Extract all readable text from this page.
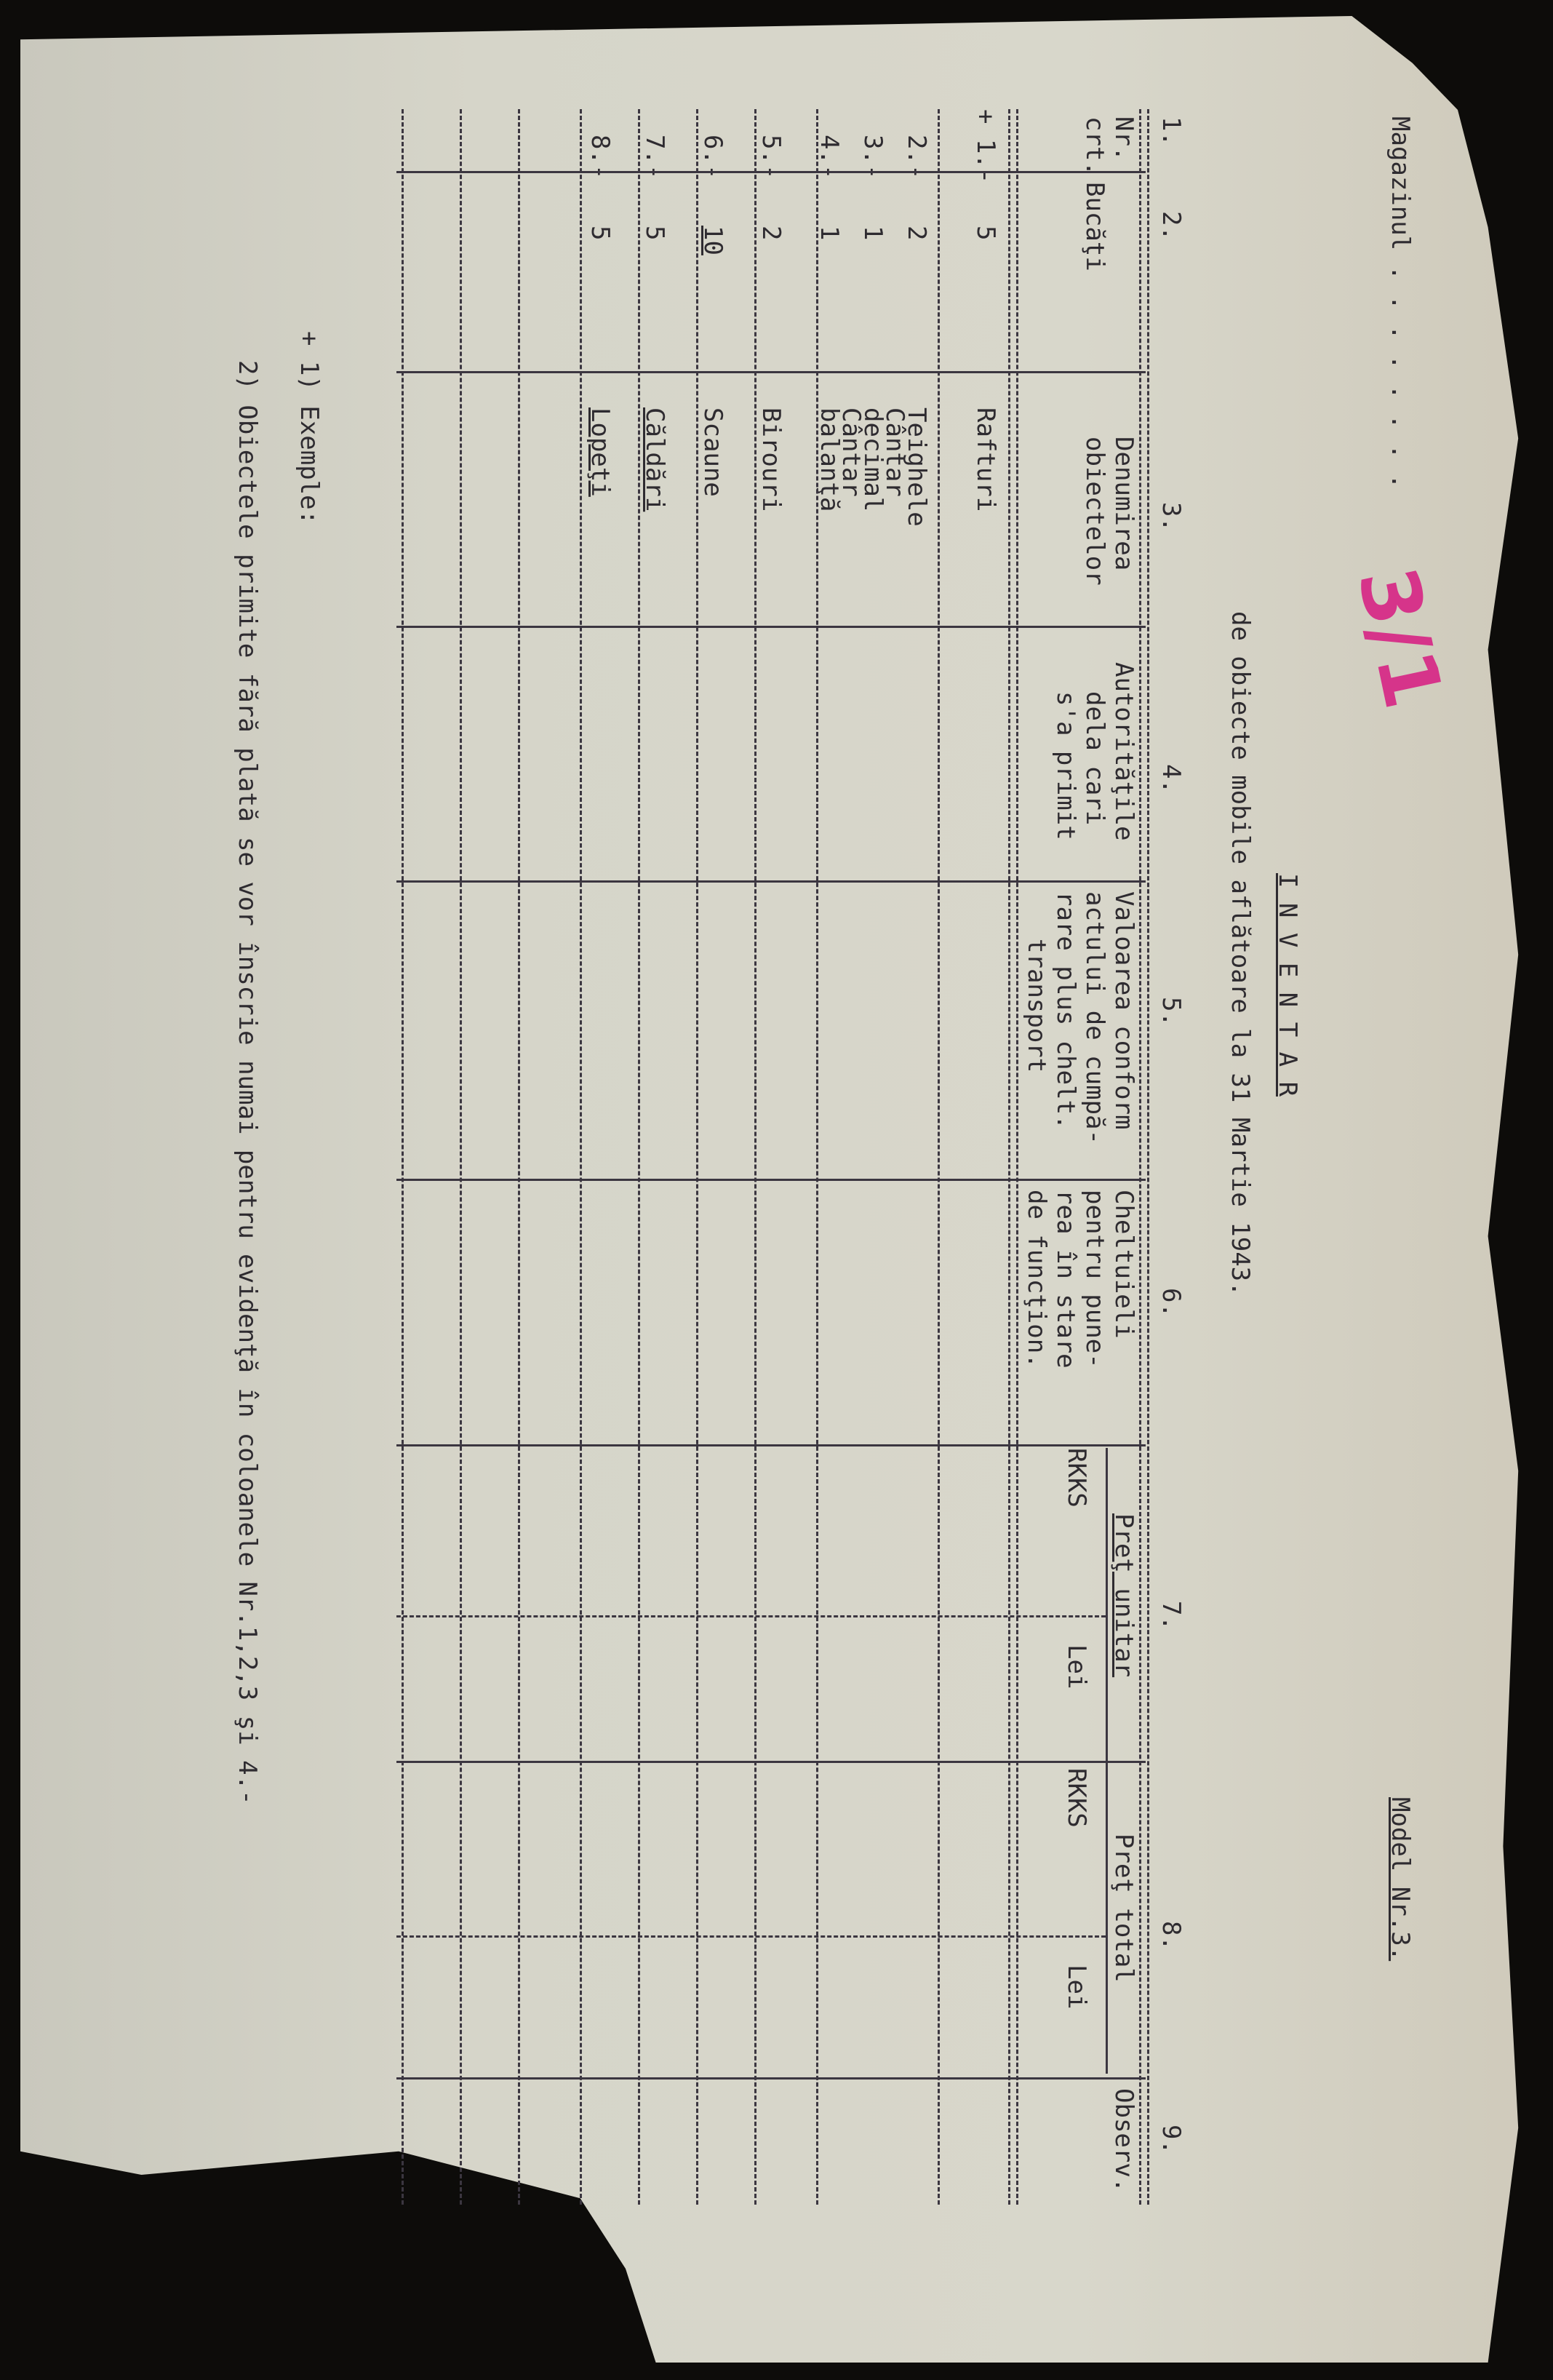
Magazinul . . . . . . . .
Model Nr.3.
I N V E N T A R
de obiecte mobile aflătoare la 31 Martie 1943. 3/1
1.
2.
3.
4.
5.
6.
7.
8.
9.
Nr.
crt.
Bucăţi
Denumirea
obiectelor
Autorităţile
dela cari
s'a primit
Valoarea conform
actului de cumpă-
rare plus chelt.
transport
Cheltuieli
pentru pune-
rea în stare
de funcţion.
Preţ unitar
Preţ total
Observ.
RKKS
Lei
RKKS
Lei
+ 1.-
5
Rafturi
2.-
2
Teighele
Cântar
decimal
3.-
1
4.-
1
Cântar
balanţă
5.-
2
Birouri
6.-
10
Scaune
7.-
5
Căldări
8.-
5
Lopeţi
+ 1) Exemple:
2) Obiectele primite fără plată se vor înscrie numai pentru evidenţă în coloanele Nr.1,2,3 şi 4.-
